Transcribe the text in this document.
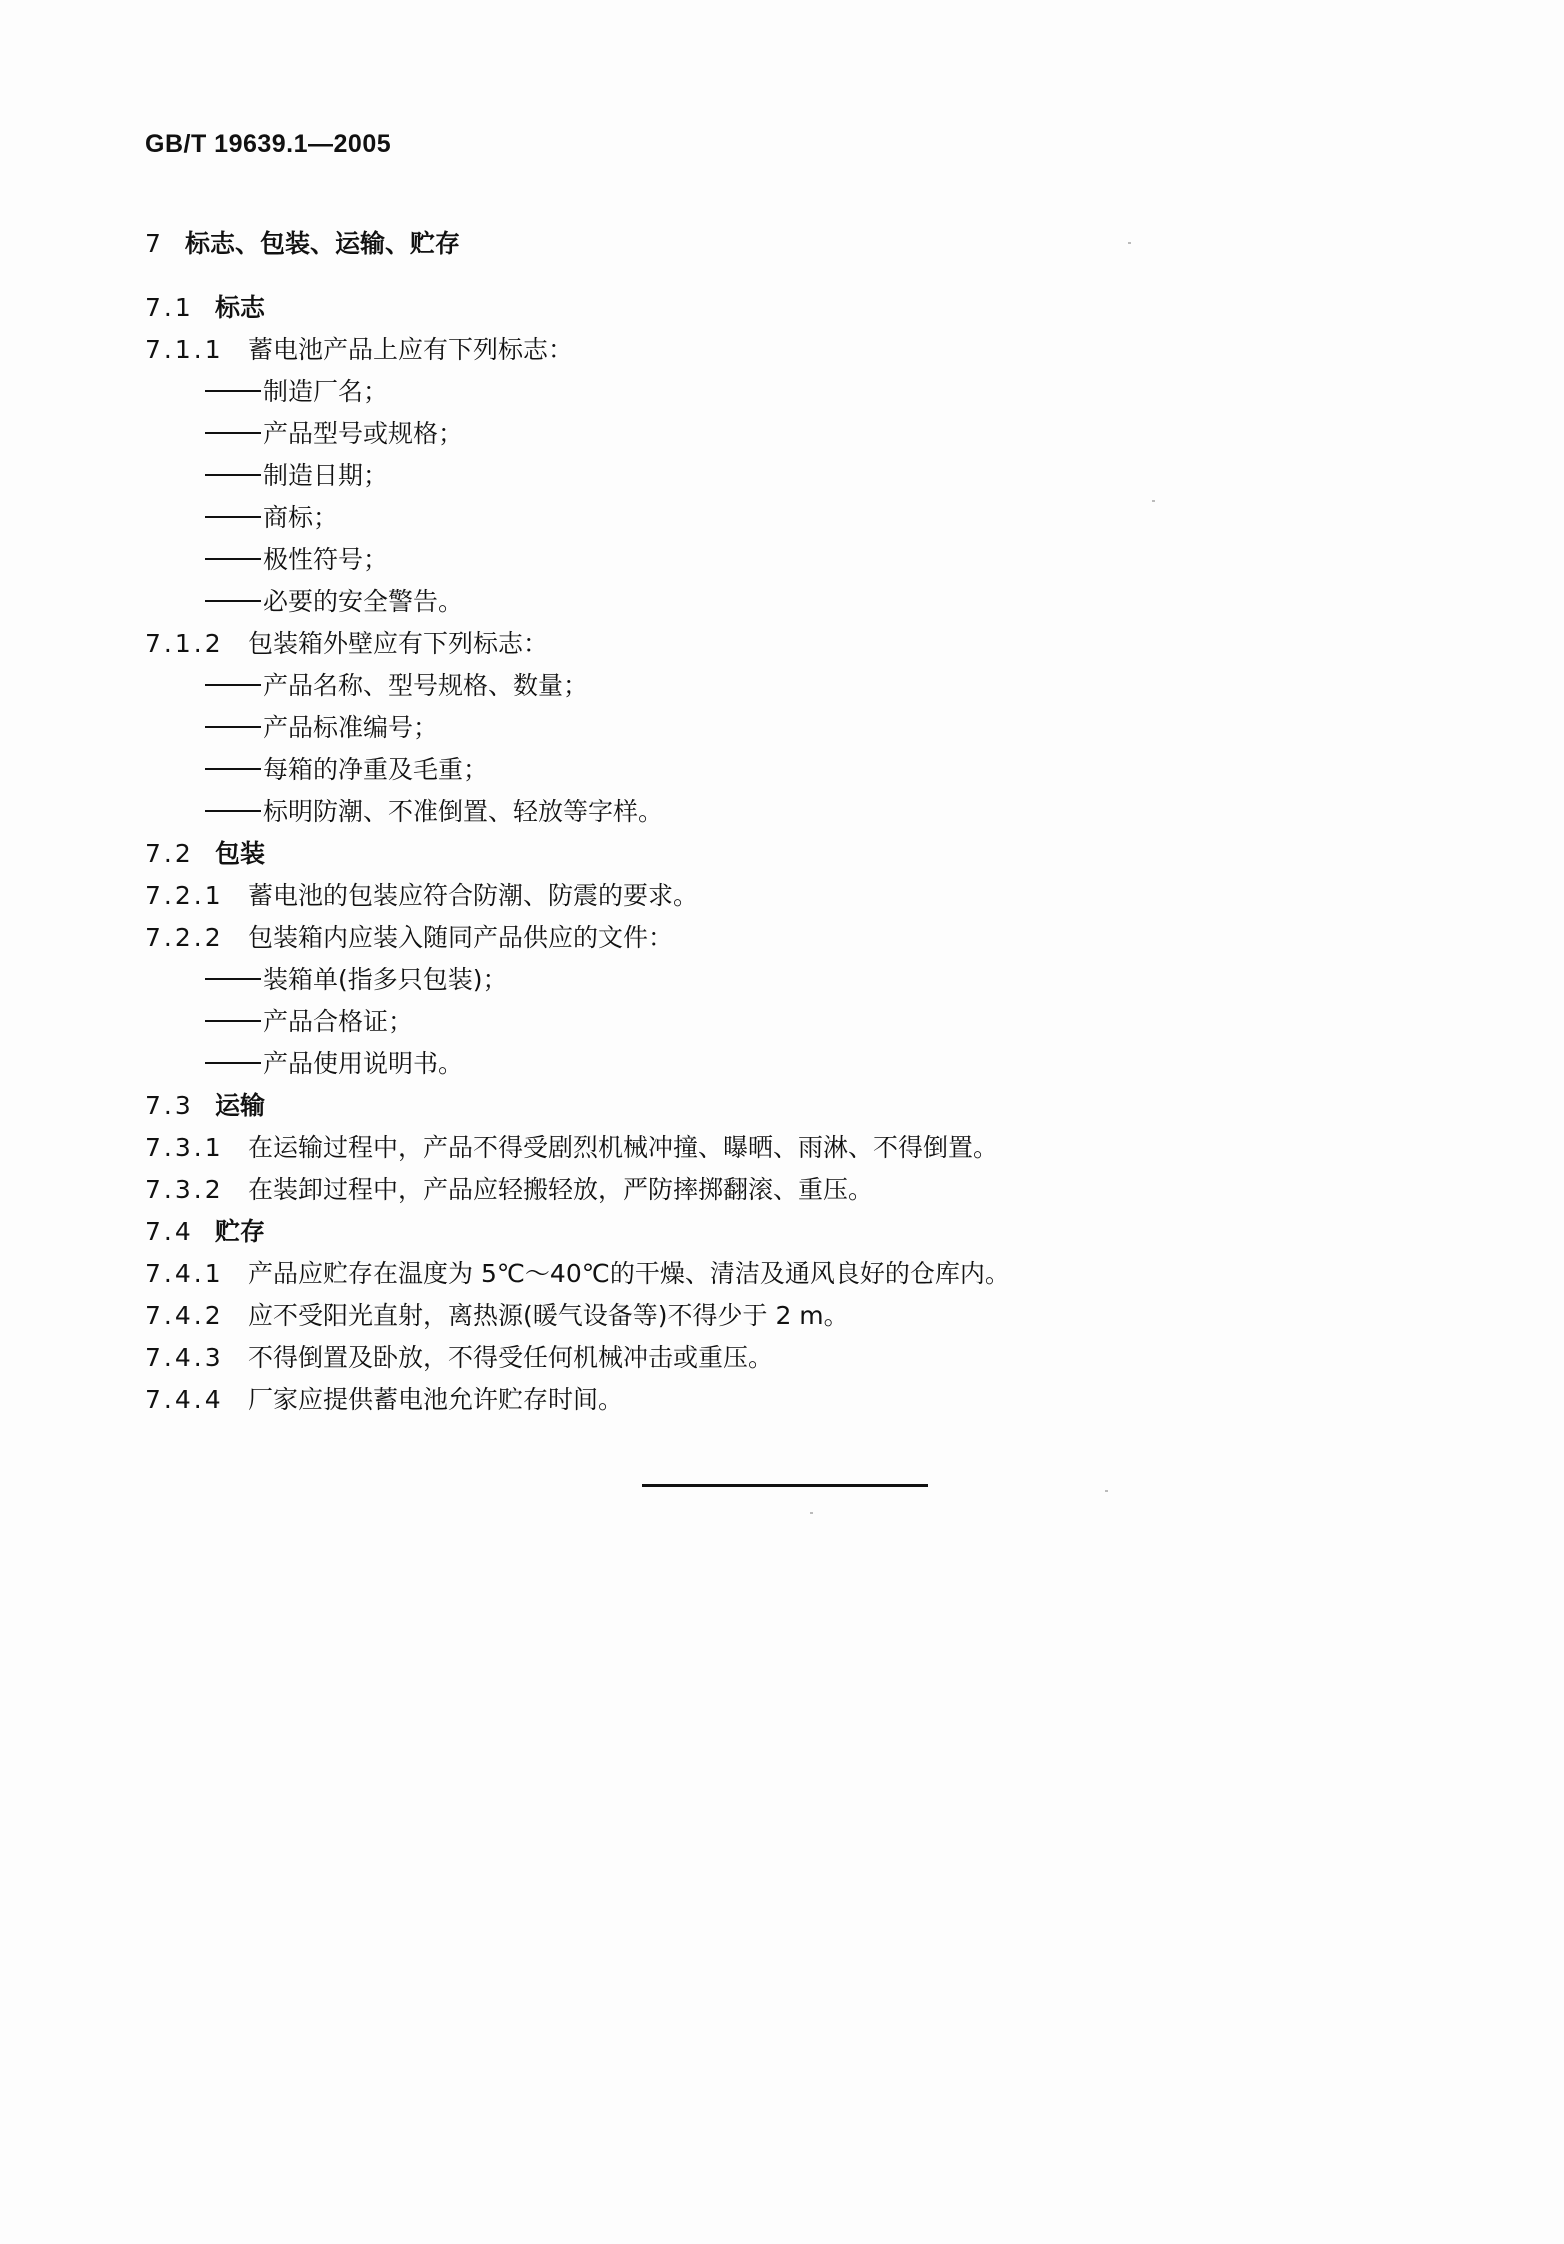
GB/T 19639.1—2005
7 标志、包装、运输、贮存
7.1 标志
7.1.1 蓄电池产品上应有下列标志：
制造厂名；
产品型号或规格；
制造日期；
商标；
极性符号；
必要的安全警告。
7.1.2 包装箱外壁应有下列标志：
产品名称、型号规格、数量；
产品标准编号；
每箱的净重及毛重；
标明防潮、不准倒置、轻放等字样。
7.2 包装
7.2.1 蓄电池的包装应符合防潮、防震的要求。
7.2.2 包装箱内应装入随同产品供应的文件：
装箱单(指多只包装)；
产品合格证；
产品使用说明书。
7.3 运输
7.3.1 在运输过程中，产品不得受剧烈机械冲撞、曝晒、雨淋、不得倒置。
7.3.2 在装卸过程中，产品应轻搬轻放，严防摔掷翻滚、重压。
7.4 贮存
7.4.1 产品应贮存在温度为 5℃～40℃的干燥、清洁及通风良好的仓库内。
7.4.2 应不受阳光直射，离热源(暖气设备等)不得少于 2 m。
7.4.3 不得倒置及卧放，不得受任何机械冲击或重压。
7.4.4 厂家应提供蓄电池允许贮存时间。
